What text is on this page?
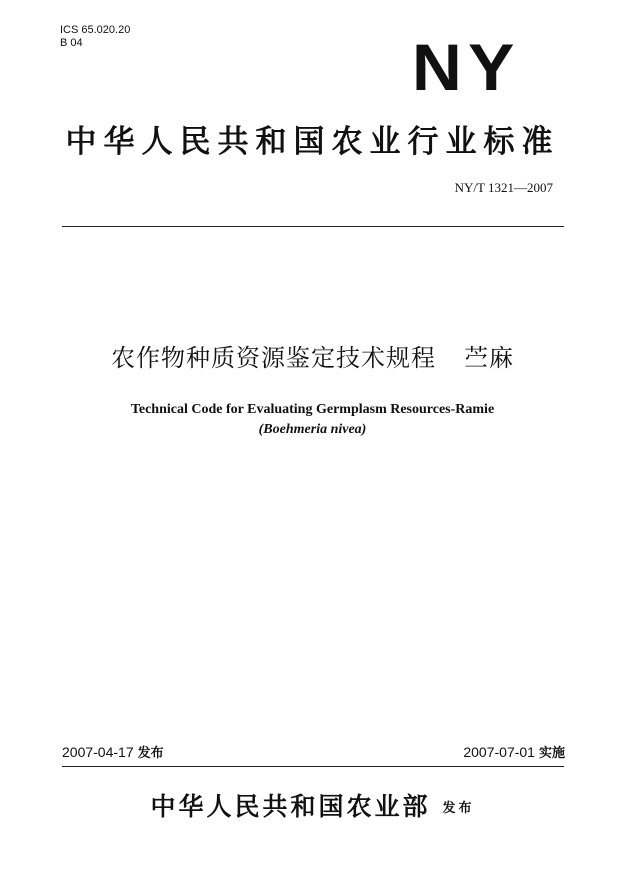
ICS 65.020.20
B 04	NY
中华人民共和国农业行业标准
NY/T 1321—2007
农作物种质资源鉴定技术规程 苎麻
Technical Code for Evaluating Germplasm Resources-Ramie
(Boehmeria nivea)
2007-04-17 发布	2007-07-01 实施
中华人民共和国农业部 发布
